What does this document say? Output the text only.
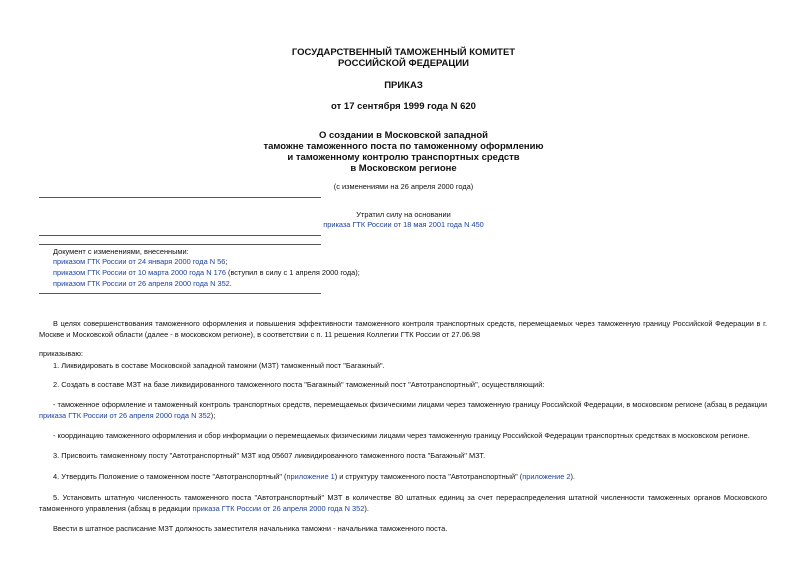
ГОСУДАРСТВЕННЫЙ ТАМОЖЕННЫЙ КОМИТЕТ
РОССИЙСКОЙ ФЕДЕРАЦИИ
ПРИКАЗ
от 17 сентября 1999 года N 620
О создании в Московской западной
таможне таможенного поста по таможенному оформлению
и таможенному контролю транспортных средств
в Московском регионе
(с изменениями на 26 апреля 2000 года)
Утратил силу на основании
приказа ГТК России от 18 мая 2001 года N 450
Документ с изменениями, внесенными:
приказом ГТК России от 24 января 2000 года N 56;
приказом ГТК России от 10 марта 2000 года N 176 (вступил в силу с 1 апреля 2000 года);
приказом ГТК России от 26 апреля 2000 года N 352.
В целях совершенствования таможенного оформления и повышения эффективности таможенного контроля транспортных средств, перемещаемых через таможенную границу Российской Федерации в г. Москве и Московской области (далее - в московском регионе), в соответствии с п. 11 решения Коллегии ГТК России от 27.06.98
приказываю:
1. Ликвидировать в составе Московской западной таможни (МЗТ) таможенный пост "Багажный".
2. Создать в составе МЗТ на базе ликвидированного таможенного поста "Багажный" таможенный пост "Автотранспортный", осуществляющий:
- таможенное оформление и таможенный контроль транспортных средств, перемещаемых физическими лицами через таможенную границу Российской Федерации, в московском регионе (абзац в редакции приказа ГТК России от 26 апреля 2000 года N 352);
- координацию таможенного оформления и сбор информации о перемещаемых физическими лицами через таможенную границу Российской Федерации транспортных средствах в московском регионе.
3. Присвоить таможенному посту "Автотранспортный" МЗТ код 05607 ликвидированного таможенного поста "Багажный" МЗТ.
4. Утвердить Положение о таможенном посте "Автотранспортный" (приложение 1) и структуру таможенного поста "Автотранспортный" (приложение 2).
5. Установить штатную численность таможенного поста "Автотранспортный" МЗТ в количестве 80 штатных единиц за счет перераспределения штатной численности таможенных органов Московского таможенного управления (абзац в редакции приказа ГТК России от 26 апреля 2000 года N 352).
Ввести в штатное расписание МЗТ должность заместителя начальника таможни - начальника таможенного поста.
